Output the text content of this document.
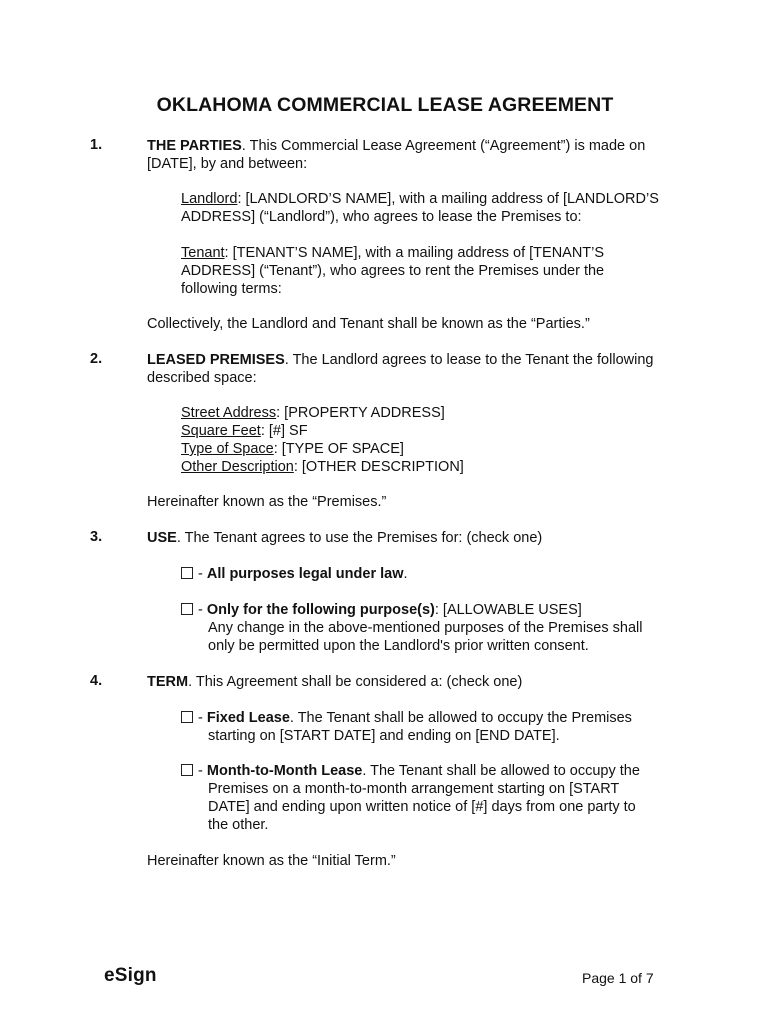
OKLAHOMA COMMERCIAL LEASE AGREEMENT
1.	THE PARTIES. This Commercial Lease Agreement (“Agreement”) is made on
[DATE], by and between:
Landlord: [LANDLORD’S NAME], with a mailing address of [LANDLORD’S
ADDRESS] (“Landlord”), who agrees to lease the Premises to:
Tenant: [TENANT’S NAME], with a mailing address of [TENANT’S
ADDRESS] (“Tenant”), who agrees to rent the Premises under the
following terms:
Collectively, the Landlord and Tenant shall be known as the “Parties.”
2.	LEASED PREMISES. The Landlord agrees to lease to the Tenant the following
described space:
Street Address: [PROPERTY ADDRESS]
Square Feet: [#] SF
Type of Space: [TYPE OF SPACE]
Other Description: [OTHER DESCRIPTION]
Hereinafter known as the “Premises.”
3.	USE. The Tenant agrees to use the Premises for: (check one)
- All purposes legal under law.
- Only for the following purpose(s): [ALLOWABLE USES]
Any change in the above-mentioned purposes of the Premises shall
only be permitted upon the Landlord's prior written consent.
4.	TERM. This Agreement shall be considered a: (check one)
- Fixed Lease. The Tenant shall be allowed to occupy the Premises
starting on [START DATE] and ending on [END DATE].
- Month-to-Month Lease. The Tenant shall be allowed to occupy the
Premises on a month-to-month arrangement starting on [START
DATE] and ending upon written notice of [#] days from one party to
the other.
Hereinafter known as the “Initial Term.”
eSign	Page 1 of 7
